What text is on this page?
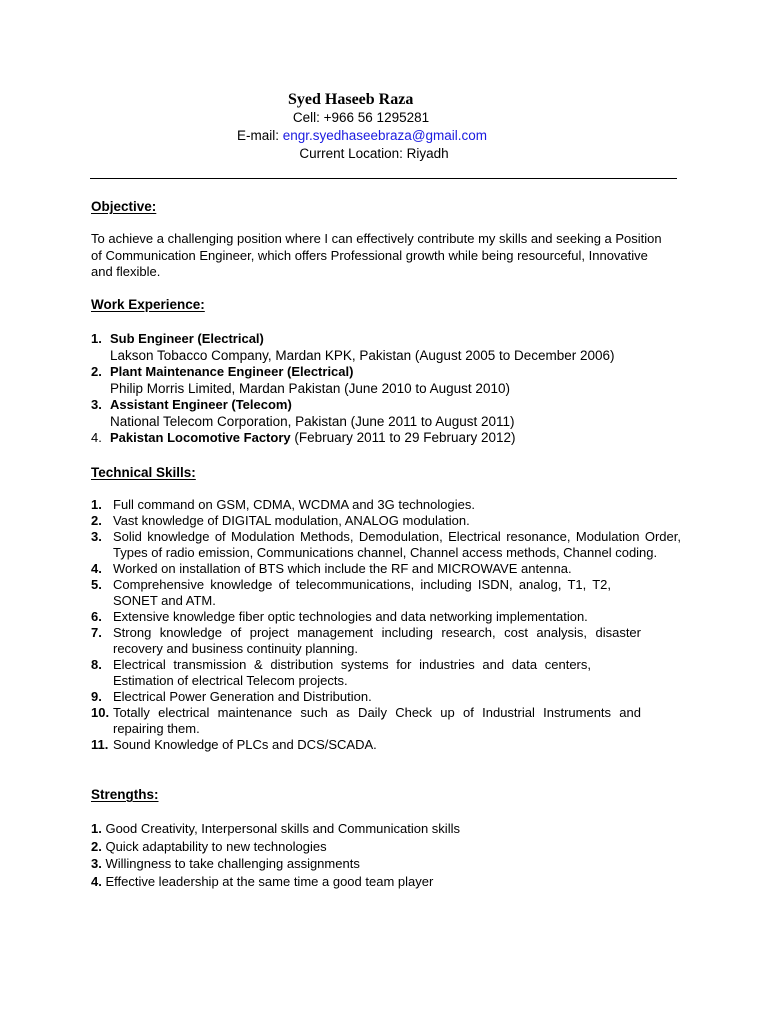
Syed Haseeb Raza
Cell: +966 56 1295281
E-mail: engr.syedhaseebraza@gmail.com
Current Location: Riyadh
Objective:
To achieve a challenging position where I can effectively contribute my skills and seeking a Position of Communication Engineer, which offers Professional growth while being resourceful, Innovative and flexible.
Work Experience:
1. Sub Engineer (Electrical)
Lakson Tobacco Company, Mardan KPK, Pakistan (August 2005 to December 2006)
2. Plant Maintenance Engineer (Electrical)
Philip Morris Limited, Mardan Pakistan (June 2010 to August 2010)
3. Assistant Engineer (Telecom)
National Telecom Corporation, Pakistan (June 2011 to August 2011)
4. Pakistan Locomotive Factory (February 2011 to 29 February 2012)
Technical Skills:
1. Full command on GSM, CDMA, WCDMA and 3G technologies.
2. Vast knowledge of DIGITAL modulation, ANALOG modulation.
3. Solid knowledge of Modulation Methods, Demodulation, Electrical resonance, Modulation Order, Types of radio emission, Communications channel, Channel access methods, Channel coding.
4. Worked on installation of BTS which include the RF and MICROWAVE antenna.
5. Comprehensive knowledge of telecommunications, including ISDN, analog, T1, T2, SONET and ATM.
6. Extensive knowledge fiber optic technologies and data networking implementation.
7. Strong knowledge of project management including research, cost analysis, disaster recovery and business continuity planning.
8. Electrical transmission & distribution systems for industries and data centers, Estimation of electrical Telecom projects.
9. Electrical Power Generation and Distribution.
10. Totally electrical maintenance such as Daily Check up of Industrial Instruments and repairing them.
11. Sound Knowledge of PLCs and DCS/SCADA.
Strengths:
1. Good Creativity, Interpersonal skills and Communication skills
2. Quick adaptability to new technologies
3. Willingness to take challenging assignments
4. Effective leadership at the same time a good team player
